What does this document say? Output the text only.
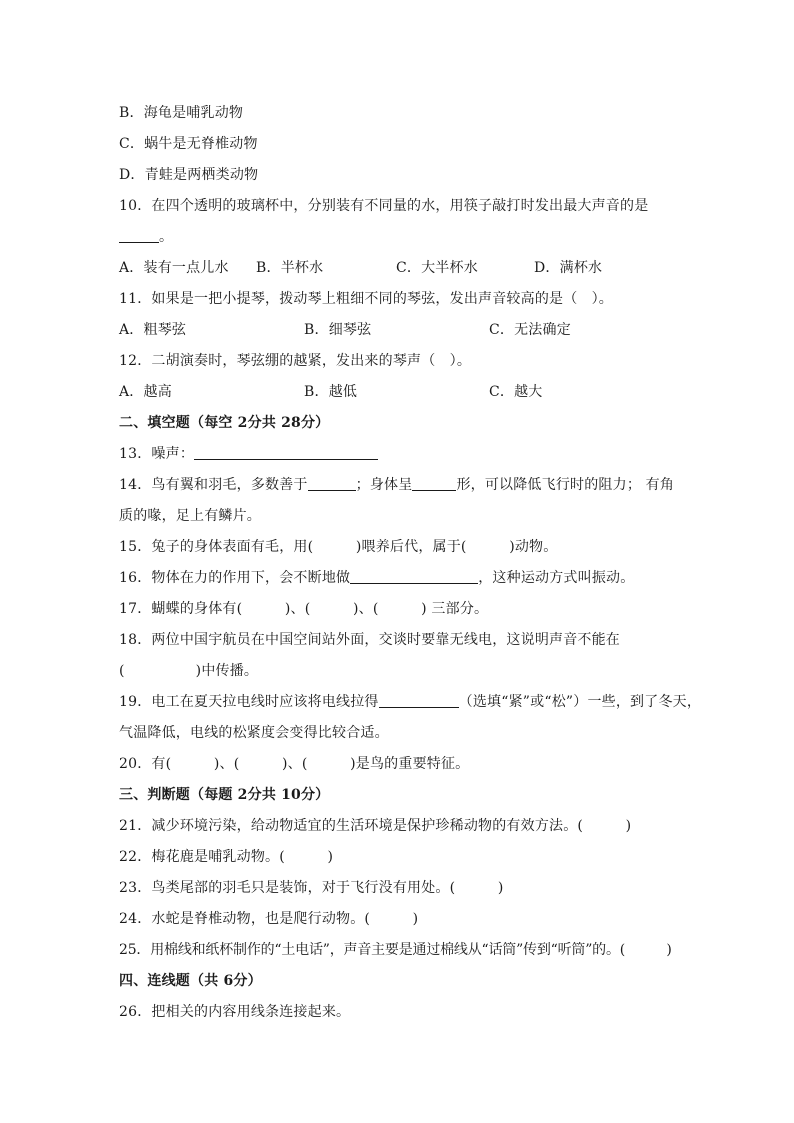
B．海龟是哺乳动物
C．蜗牛是无脊椎动物
D．青蛙是两栖类动物
10．在四个透明的玻璃杯中，分别装有不同量的水，用筷子敲打时发出最大声音的是
。
A．装有一点儿水	B．半杯水	C．大半杯水	D．满杯水
11．如果是一把小提琴，拨动琴上粗细不同的琴弦，发出声音较高的是（　）。
A．粗琴弦	B．细琴弦	C．无法确定
12．二胡演奏时，琴弦绷的越紧，发出来的琴声（　）。
A．越高	B．越低	C．越大
二、填空题（每空 2分共 28分）
13．噪声：
14．鸟有翼和羽毛，多数善于	；身体呈	形，可以降低飞行时的阻力； 有角
质的喙，足上有鳞片。
15．兔子的身体表面有毛，用(　　　)喂养后代，属于(　　　)动物。
16．物体在力的作用下，会不断地做	，这种运动方式叫振动。
17．蝴蝶的身体有(　　　)、(　　　)、(　　　) 三部分。
18．两位中国宇航员在中国空间站外面，交谈时要靠无线电，这说明声音不能在
(　　　　　)中传播。
19．电工在夏天拉电线时应该将电线拉得	（选填“紧”或“松”）一些，到了冬天，
气温降低，电线的松紧度会变得比较合适。
20．有(　　　)、(　　　)、(　　　)是鸟的重要特征。
三、判断题（每题 2分共 10分）
21．减少环境污染，给动物适宜的生活环境是保护珍稀动物的有效方法。(　　　)
22．梅花鹿是哺乳动物。(　　　)
23．鸟类尾部的羽毛只是装饰，对于飞行没有用处。(　　　)
24．水蛇是脊椎动物，也是爬行动物。(　　　)
25．用棉线和纸杯制作的“土电话”，声音主要是通过棉线从“话筒”传到“听筒”的。(　　　)
四、连线题（共 6分）
26．把相关的内容用线条连接起来。
